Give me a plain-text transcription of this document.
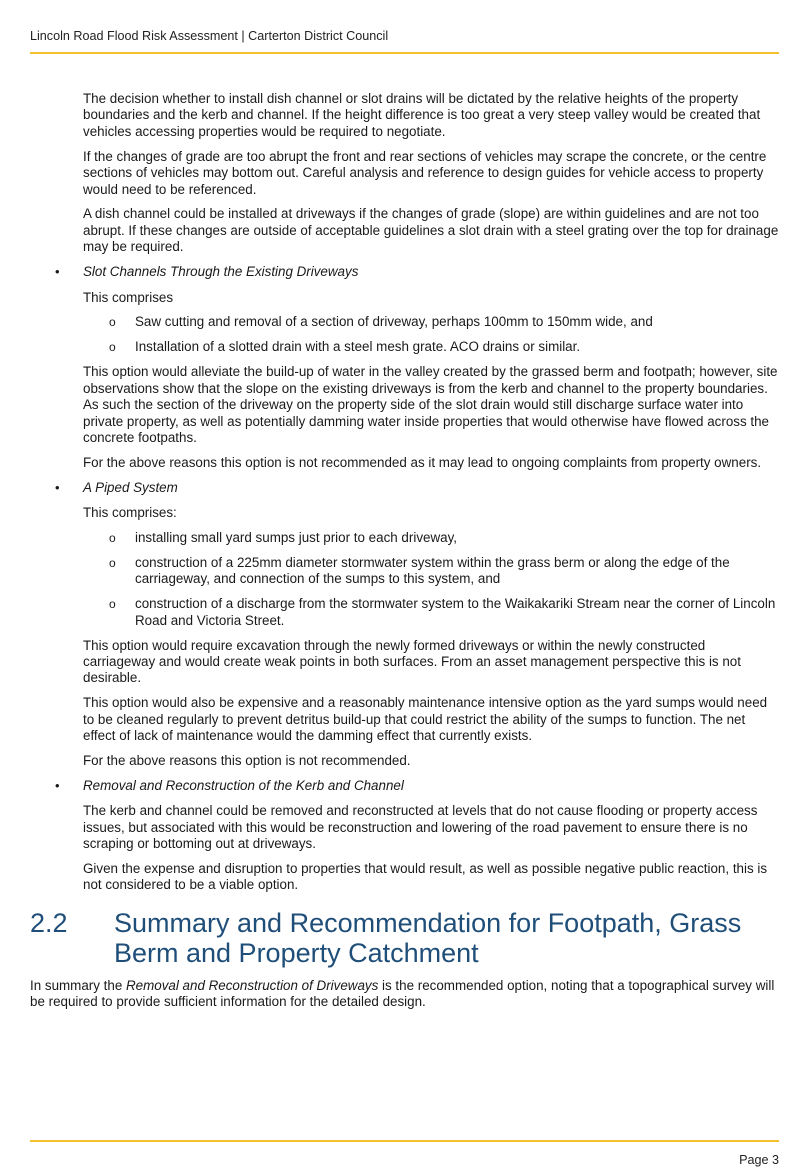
Lincoln Road Flood Risk Assessment | Carterton District Council

The decision whether to install dish channel or slot drains will be dictated by the relative heights of the property boundaries and the kerb and channel. If the height difference is too great a very steep valley would be created that vehicles accessing properties would be required to negotiate.

If the changes of grade are too abrupt the front and rear sections of vehicles may scrape the concrete, or the centre sections of vehicles may bottom out. Careful analysis and reference to design guides for vehicle access to property would need to be referenced.

A dish channel could be installed at driveways if the changes of grade (slope) are within guidelines and are not too abrupt. If these changes are outside of acceptable guidelines a slot drain with a steel grating over the top for drainage may be required.

• Slot Channels Through the Existing Driveways

This comprises

o Saw cutting and removal of a section of driveway, perhaps 100mm to 150mm wide, and
o Installation of a slotted drain with a steel mesh grate. ACO drains or similar.

This option would alleviate the build-up of water in the valley created by the grassed berm and footpath; however, site observations show that the slope on the existing driveways is from the kerb and channel to the property boundaries. As such the section of the driveway on the property side of the slot drain would still discharge surface water into private property, as well as potentially damming water inside properties that would otherwise have flowed across the concrete footpaths.

For the above reasons this option is not recommended as it may lead to ongoing complaints from property owners.

• A Piped System

This comprises:

o installing small yard sumps just prior to each driveway,
o construction of a 225mm diameter stormwater system within the grass berm or along the edge of the carriageway, and connection of the sumps to this system, and
o construction of a discharge from the stormwater system to the Waikakariki Stream near the corner of Lincoln Road and Victoria Street.

This option would require excavation through the newly formed driveways or within the newly constructed carriageway and would create weak points in both surfaces. From an asset management perspective this is not desirable.

This option would also be expensive and a reasonably maintenance intensive option as the yard sumps would need to be cleaned regularly to prevent detritus build-up that could restrict the ability of the sumps to function. The net effect of lack of maintenance would the damming effect that currently exists.

For the above reasons this option is not recommended.

• Removal and Reconstruction of the Kerb and Channel

The kerb and channel could be removed and reconstructed at levels that do not cause flooding or property access issues, but associated with this would be reconstruction and lowering of the road pavement to ensure there is no scraping or bottoming out at driveways.

Given the expense and disruption to properties that would result, as well as possible negative public reaction, this is not considered to be a viable option.

2.2 Summary and Recommendation for Footpath, Grass Berm and Property Catchment

In summary the Removal and Reconstruction of Driveways is the recommended option, noting that a topographical survey will be required to provide sufficient information for the detailed design.

Page 3
